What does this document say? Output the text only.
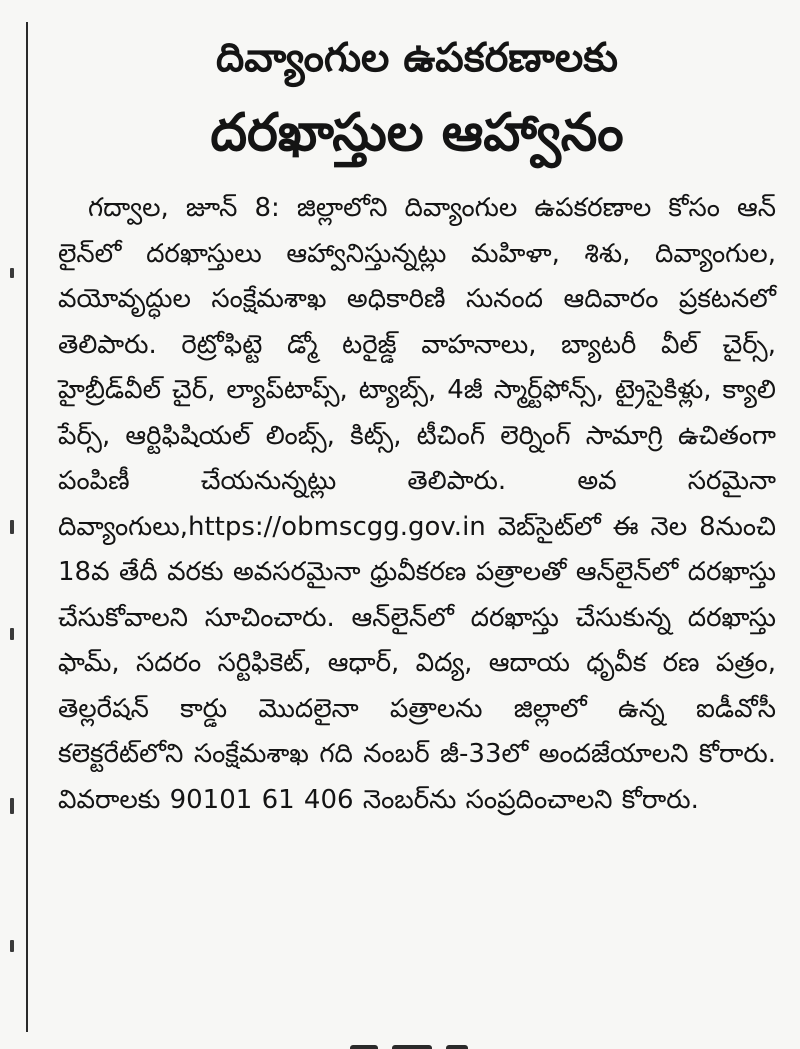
దివ్యాంగుల ఉపకరణాలకు
దరఖాస్తుల ఆహ్వానం

గద్వాల, జూన్ 8: జిల్లాలోని దివ్యాంగుల ఉపకరణాల కోసం ఆన్ లైన్‌లో దరఖాస్తులు ఆహ్వానిస్తున్నట్లు మహిళా, శిశు, దివ్యాంగుల, వయోవృద్ధుల సంక్షేమశాఖ అధికారిణి సునంద ఆదివారం ప్రకటనలో తెలిపారు. రెట్రోఫిట్టె డ్మో టరైజ్డ్ వాహనాలు, బ్యాటరీ వీల్ చైర్స్, హైబ్రీడ్‌వీల్ చైర్, ల్యాప్‌టాప్స్, ట్యాబ్స్, 4జీ స్మార్ట్‌ఫోన్స్, ట్రైసైకిళ్లు, క్యాలి పేర్స్, ఆర్టిఫిషియల్ లింబ్స్, కిట్స్, టీచింగ్ లెర్నింగ్ సామాగ్రి ఉచితంగా పంపిణీ చేయనున్నట్లు తెలిపారు. అవ సరమైనా దివ్యాంగులు,https://obmscgg.gov.in వెబ్‌సైట్‌లో ఈ నెల 8నుంచి 18వ తేదీ వరకు అవసరమైనా ధ్రువీకరణ పత్రాలతో ఆన్‌లైన్‌లో దరఖాస్తు చేసుకోవాలని సూచించారు. ఆన్‌లైన్‌లో దరఖాస్తు చేసుకున్న దరఖాస్తు ఫామ్, సదరం సర్టిఫికెట్, ఆధార్, విద్య, ఆదాయ ధృవీక రణ పత్రం, తెల్లరేషన్ కార్డు మొదలైనా పత్రాలను జిల్లాలో ఉన్న ఐడీవోసీ కలెక్టరేట్‌లోని సంక్షేమశాఖ గది నంబర్ జీ-33లో అందజేయాలని కోరారు. వివరాలకు 90101 61 406 నెంబర్‌ను సంప్రదించాలని కోరారు.
